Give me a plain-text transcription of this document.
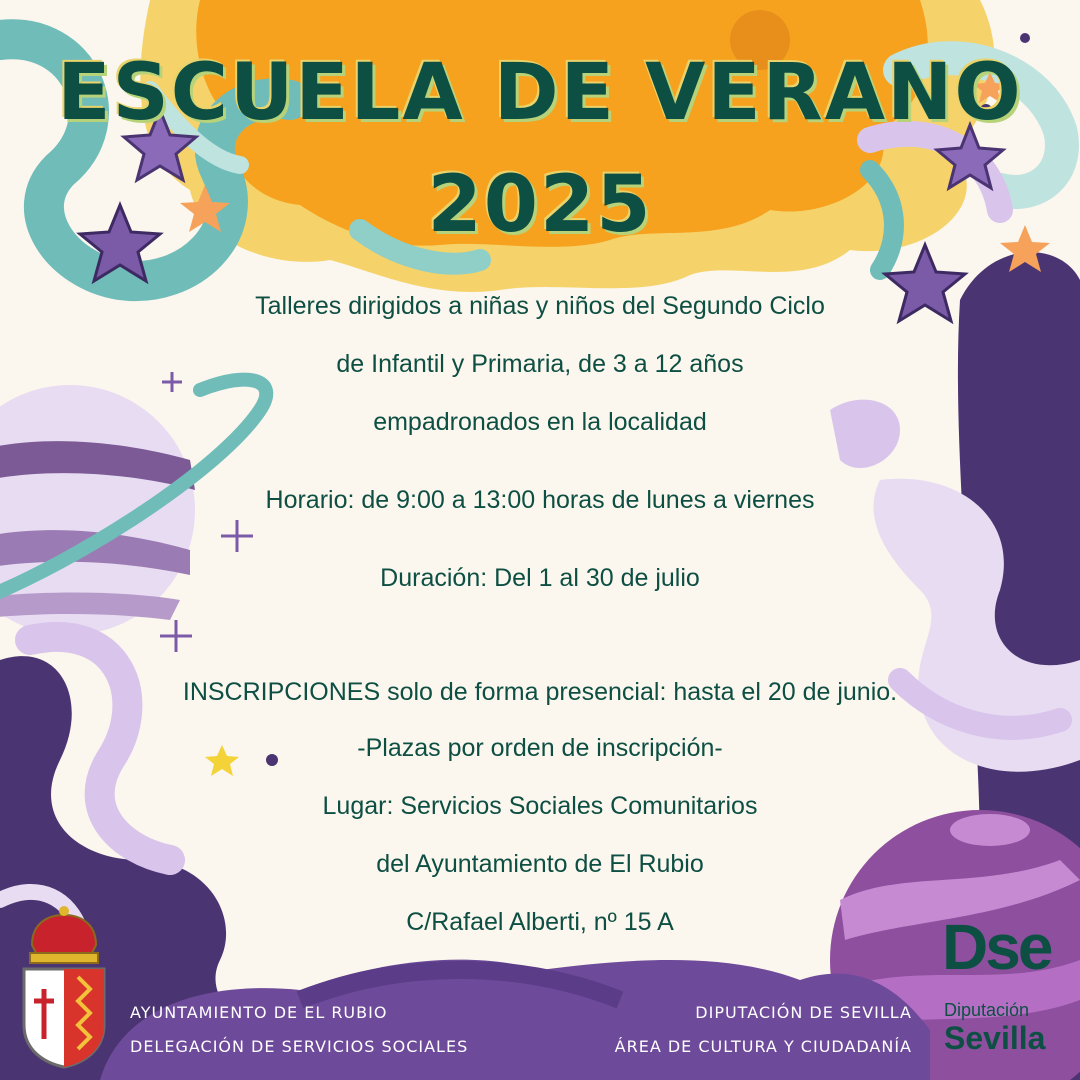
ESCUELA DE VERANO
2025
Talleres dirigidos a niñas y niños del Segundo Ciclo
de Infantil y Primaria, de 3 a 12 años
empadronados en la localidad
Horario: de 9:00 a 13:00 horas de lunes a viernes
Duración: Del 1 al 30 de julio
INSCRIPCIONES solo de forma presencial: hasta el 20 de junio.
-Plazas por orden de inscripción-
Lugar: Servicios Sociales Comunitarios
del Ayuntamiento de El Rubio
C/Rafael Alberti, nº 15 A
AYUNTAMIENTO DE EL RUBIO
DELEGACIÓN DE SERVICIOS SOCIALES
DIPUTACIÓN DE SEVILLA
ÁREA DE CULTURA Y CIUDADANÍA
Dse
Diputación
Sevilla
